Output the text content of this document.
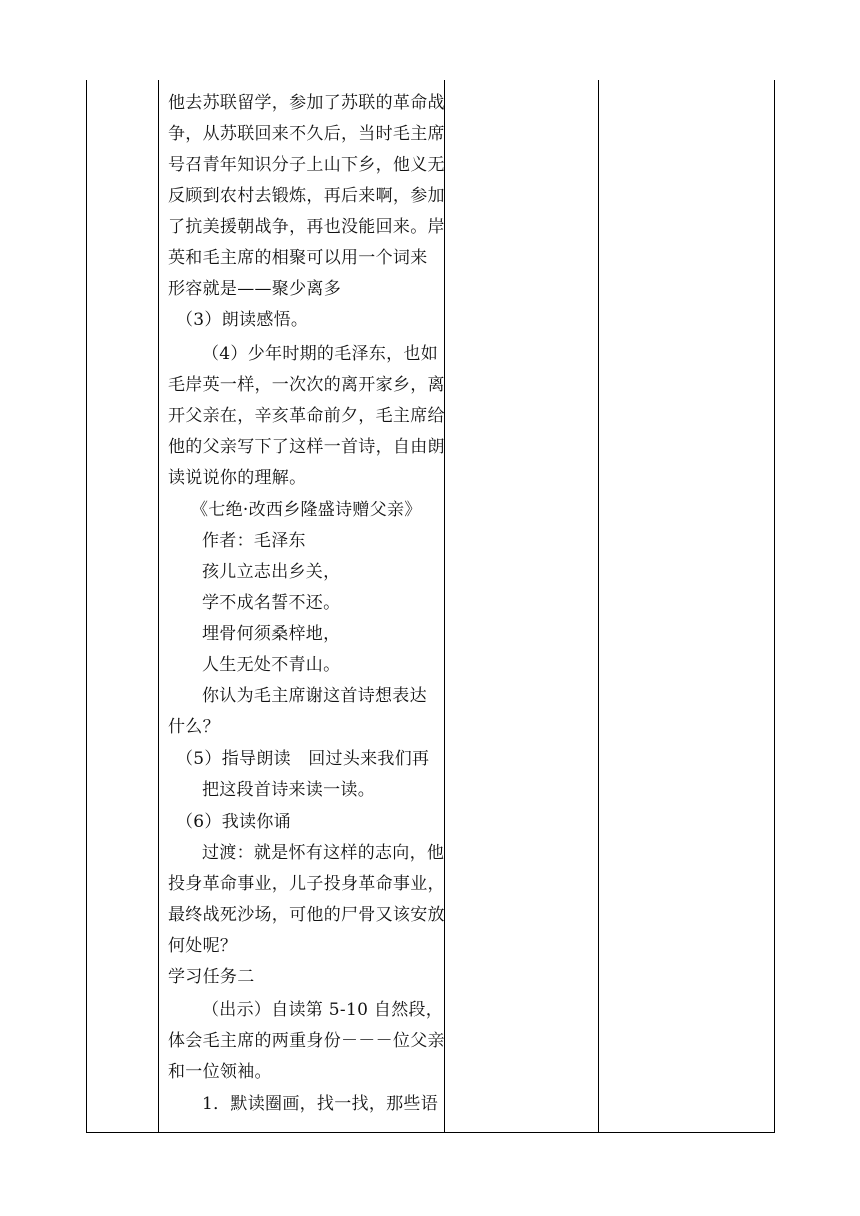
他去苏联留学，参加了苏联的革命战
争，从苏联回来不久后，当时毛主席
号召青年知识分子上山下乡，他义无
反顾到农村去锻炼，再后来啊，参加
了抗美援朝战争，再也没能回来。岸
英和毛主席的相聚可以用一个词来
形容就是——聚少离多
（3）朗读感悟。
（4）少年时期的毛泽东，也如
毛岸英一样，一次次的离开家乡，离
开父亲在，辛亥革命前夕，毛主席给
他的父亲写下了这样一首诗，自由朗
读说说你的理解。
《七绝·改西乡隆盛诗赠父亲》
作者：毛泽东
孩儿立志出乡关，
学不成名誓不还。
埋骨何须桑梓地，
人生无处不青山。
你认为毛主席谢这首诗想表达
什么？
（5）指导朗读　回过头来我们再
把这段首诗来读一读。
（6）我读你诵
过渡：就是怀有这样的志向，他
投身革命事业，儿子投身革命事业，
最终战死沙场，可他的尸骨又该安放
何处呢？
学习任务二
（出示）自读第 5-10 自然段，
体会毛主席的两重身份－－－位父亲
和一位领袖。
1．默读圈画，找一找，那些语
